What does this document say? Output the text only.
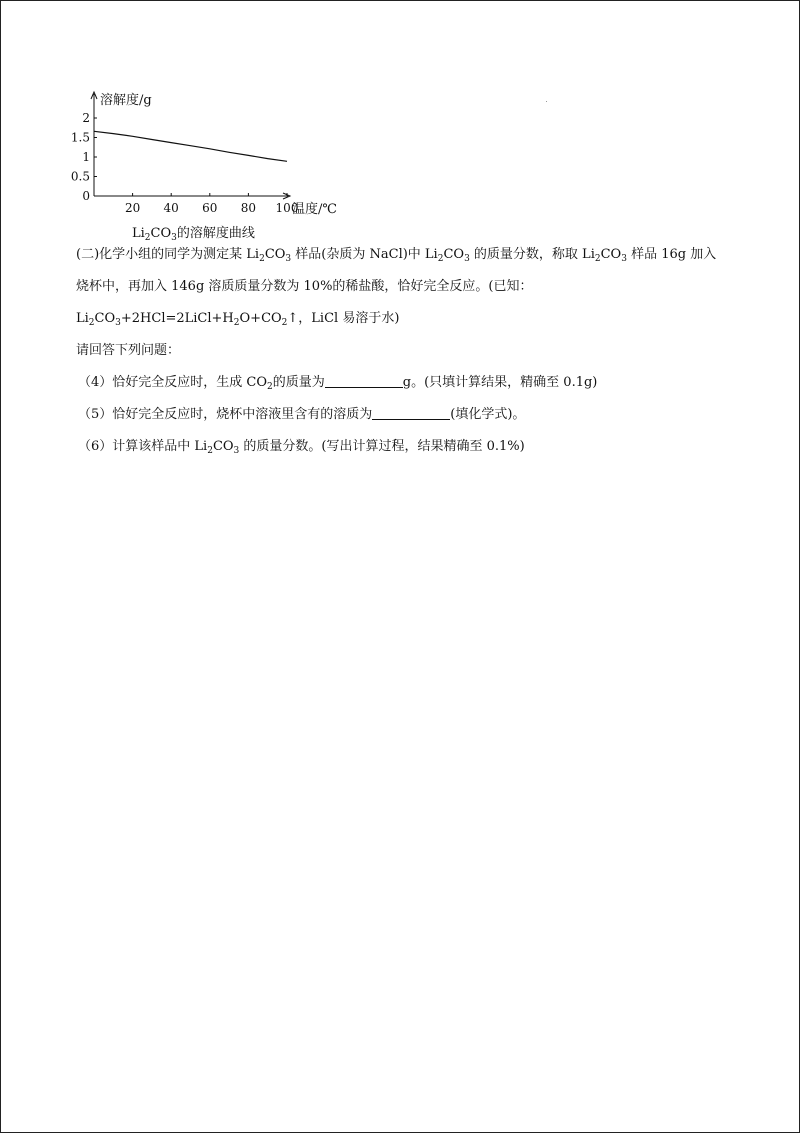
0
0.5
1
1.5
2
20 40 60 80 100
溶解度/g
温度/℃
$Li_2CO_3$的溶解度曲线
(二)化学小组的同学为测定某 $Li_2CO_3$ 样品(杂质为 NaCl)中 $Li_2CO_3$ 的质量分数，称取 $Li_2CO_3$ 样品 16g 加入
烧杯中，再加入 146g 溶质质量分数为 10%的稀盐酸，恰好完全反应。(已知：
$Li_2CO_3+2HCl=2LiCl+H_2O+CO_2↑$，LiCl 易溶于水)
请回答下列问题：
（4）恰好完全反应时，生成 $CO_2$的质量为	g。(只填计算结果，精确至 0.1g)
（5）恰好完全反应时，烧杯中溶液里含有的溶质为	(填化学式)。
（6）计算该样品中 $Li_2CO_3$ 的质量分数。(写出计算过程，结果精确至 0.1%)
